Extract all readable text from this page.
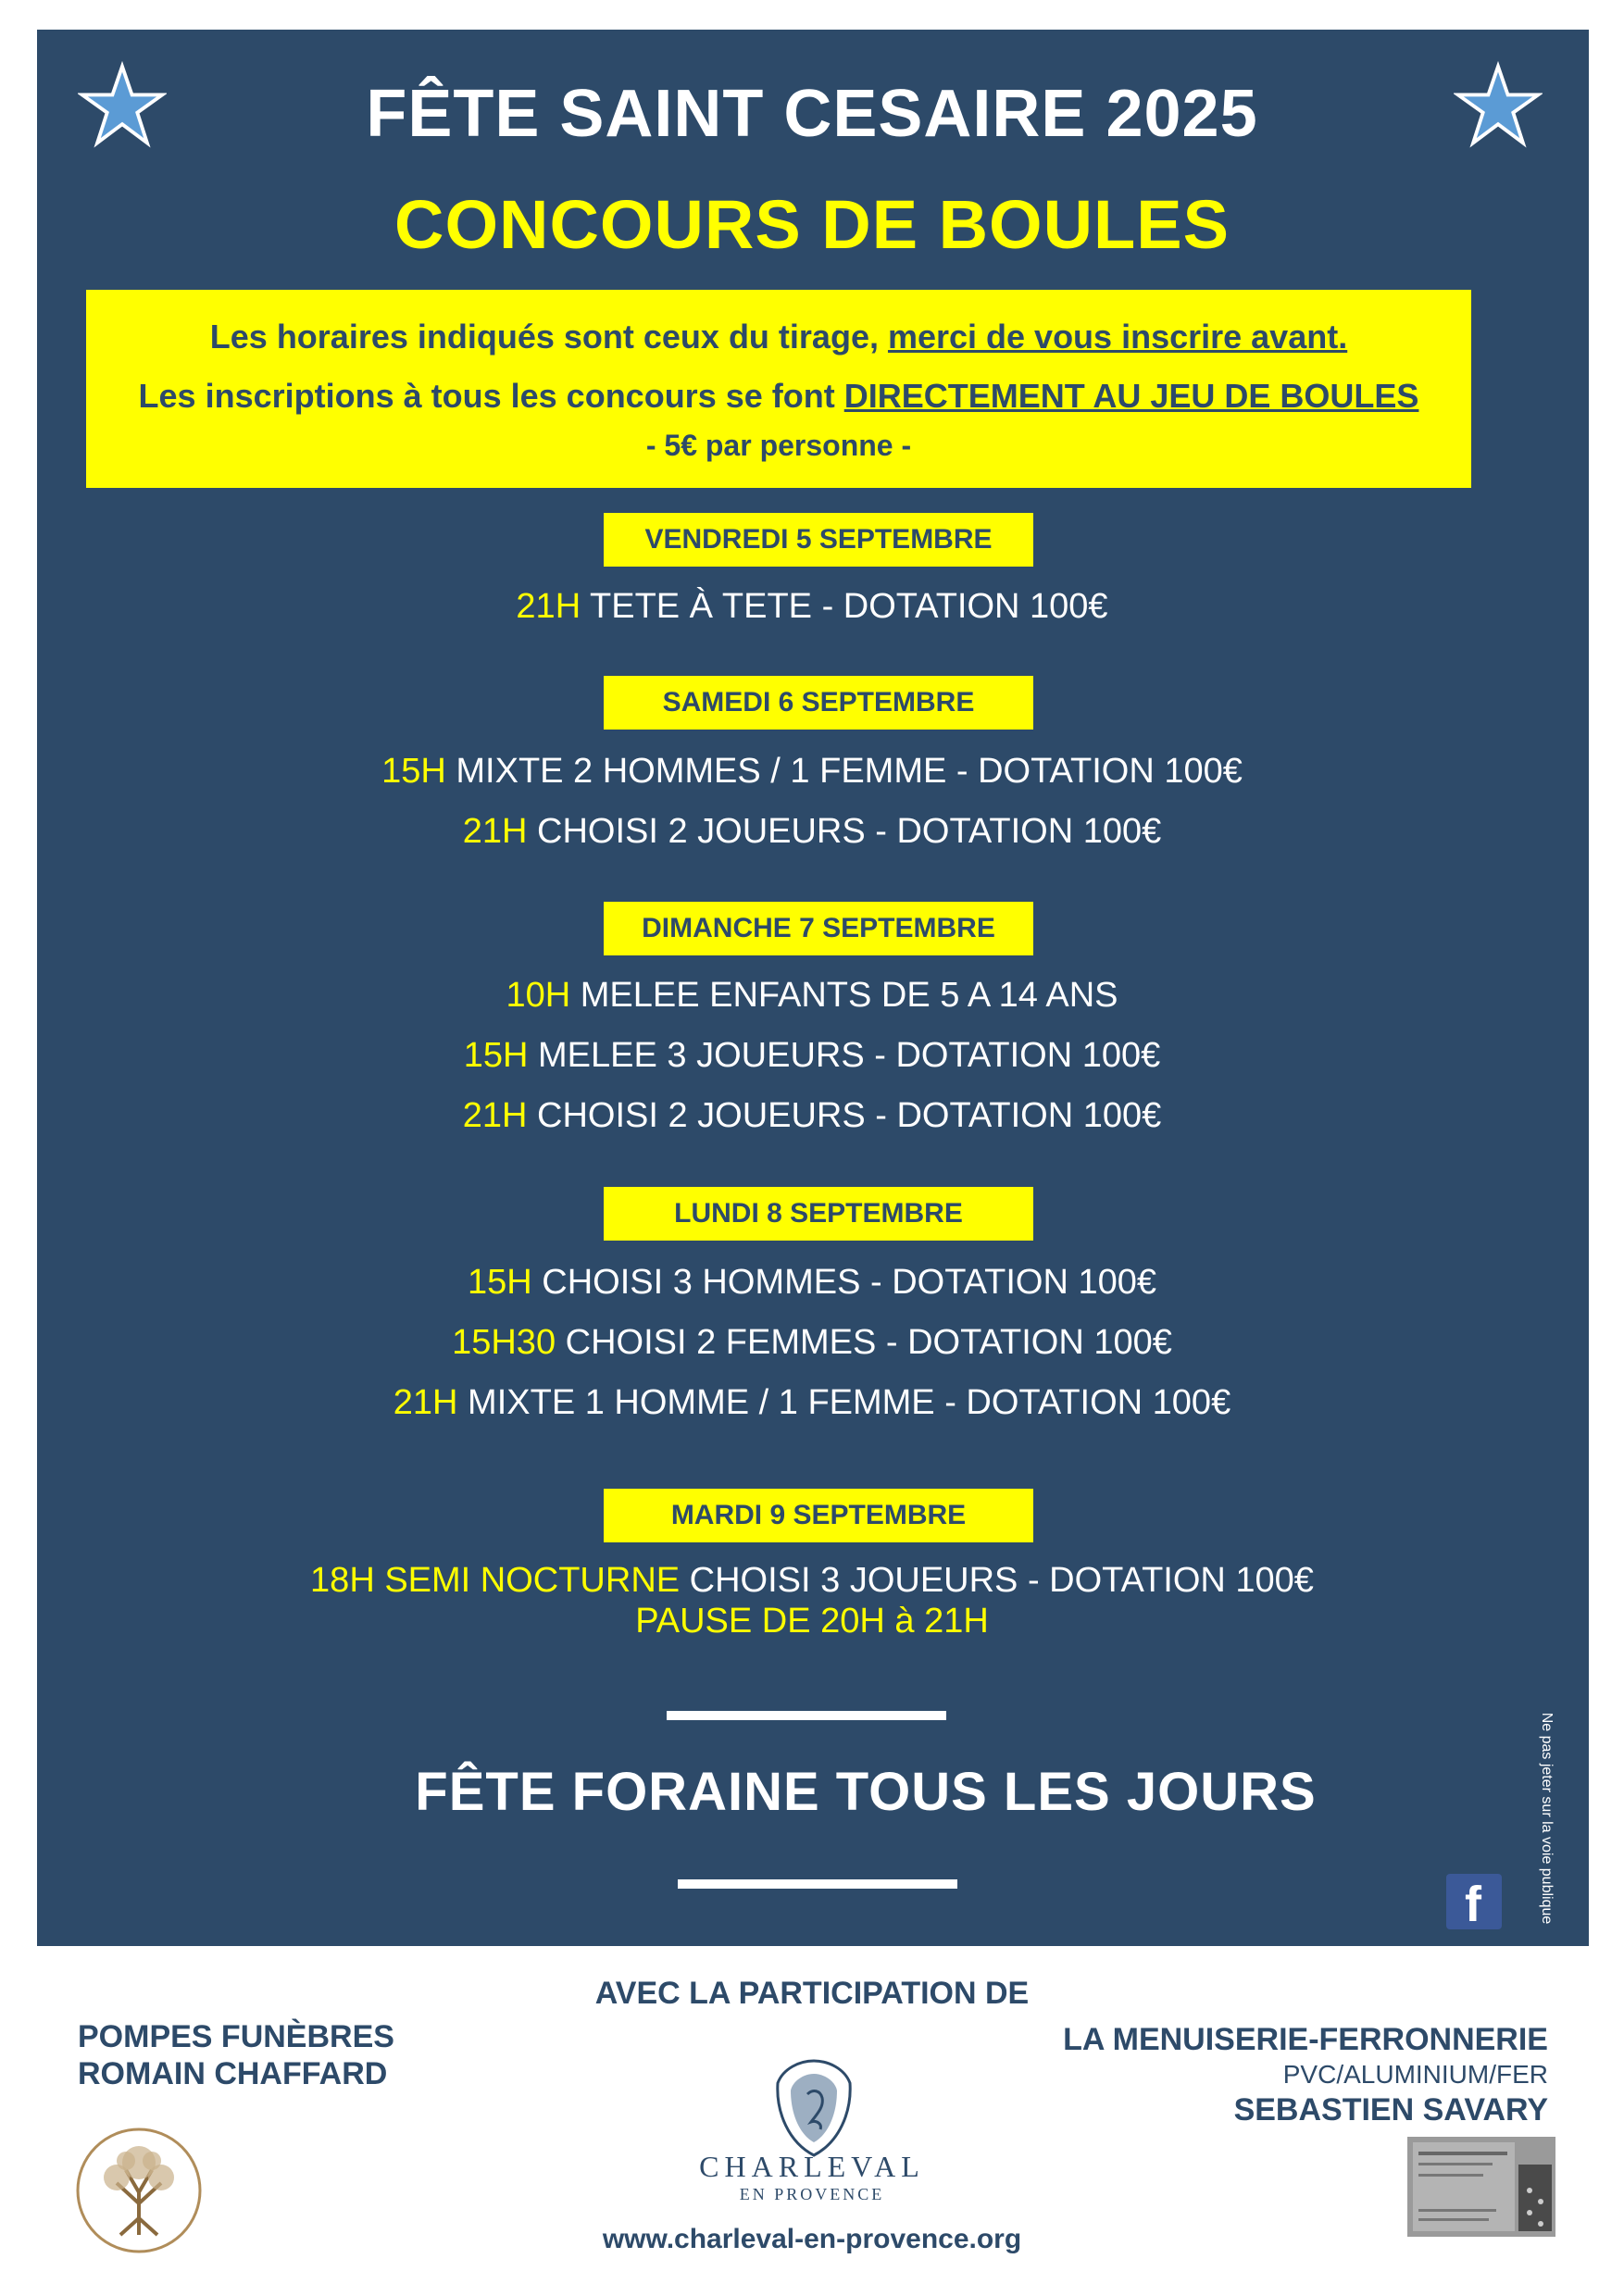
FÊTE SAINT CESAIRE 2025
CONCOURS DE BOULES
Les horaires indiqués sont ceux du tirage, merci de vous inscrire avant.
Les inscriptions à tous les concours se font DIRECTEMENT AU JEU DE BOULES
- 5€ par personne -
VENDREDI 5 SEPTEMBRE
21H TETE À TETE - DOTATION 100€
SAMEDI 6 SEPTEMBRE
15H MIXTE 2 HOMMES / 1 FEMME - DOTATION 100€
21H CHOISI 2 JOUEURS - DOTATION 100€
DIMANCHE 7 SEPTEMBRE
10H MELEE ENFANTS DE 5 A 14 ANS
15H MELEE 3 JOUEURS - DOTATION 100€
21H CHOISI 2 JOUEURS - DOTATION 100€
LUNDI 8 SEPTEMBRE
15H CHOISI 3 HOMMES - DOTATION 100€
15H30 CHOISI 2 FEMMES - DOTATION 100€
21H MIXTE 1 HOMME / 1 FEMME - DOTATION 100€
MARDI 9 SEPTEMBRE
18H SEMI NOCTURNE CHOISI 3 JOUEURS - DOTATION 100€
PAUSE DE 20H à 21H
FÊTE FORAINE TOUS LES JOURS	Ne pas jeter sur la voie publique
f
AVEC LA PARTICIPATION DE
POMPES FUNÈBRES
ROMAIN CHAFFARD
CHARLEVAL
EN PROVENCE
www.charleval-en-provence.org
LA MENUISERIE-FERRONNERIE
PVC/ALUMINIUM/FER
SEBASTIEN SAVARY
